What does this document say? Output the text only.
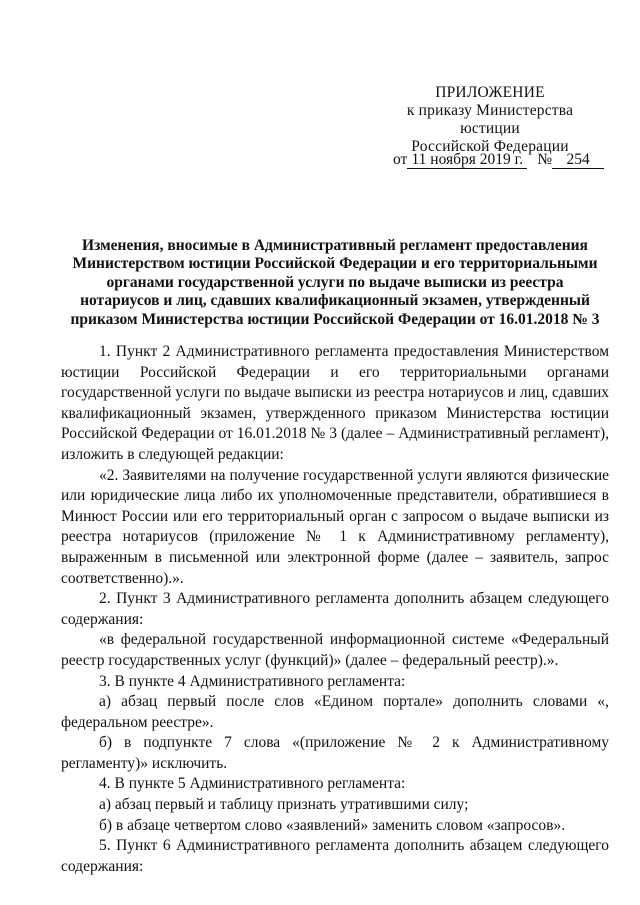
ПРИЛОЖЕНИЕ
к приказу Министерства юстиции
Российской Федерации
от 11 ноября 2019 г. № 254
Изменения, вносимые в Административный регламент предоставления Министерством юстиции Российской Федерации и его территориальными органами государственной услуги по выдаче выписки из реестра нотариусов и лиц, сдавших квалификационный экзамен, утвержденный приказом Министерства юстиции Российской Федерации от 16.01.2018 № 3

1. Пункт 2 Административного регламента предоставления Министерством юстиции Российской Федерации и его территориальными органами государственной услуги по выдаче выписки из реестра нотариусов и лиц, сдавших квалификационный экзамен, утвержденного приказом Министерства юстиции Российской Федерации от 16.01.2018 № 3 (далее – Административный регламент), изложить в следующей редакции:

«2. Заявителями на получение государственной услуги являются физические или юридические лица либо их уполномоченные представители, обратившиеся в Минюст России или его территориальный орган с запросом о выдаче выписки из реестра нотариусов (приложение № 1 к Административному регламенту), выраженным в письменной или электронной форме (далее – заявитель, запрос соответственно).».

2. Пункт 3 Административного регламента дополнить абзацем следующего содержания:

«в федеральной государственной информационной системе «Федеральный реестр государственных услуг (функций)» (далее – федеральный реестр).».

3. В пункте 4 Административного регламента:

а) абзац первый после слов «Едином портале» дополнить словами «, федеральном реестре».

б) в подпункте 7 слова «(приложение № 2 к Административному регламенту)» исключить.

4. В пункте 5 Административного регламента:

а) абзац первый и таблицу признать утратившими силу;

б) в абзаце четвертом слово «заявлений» заменить словом «запросов».

5. Пункт 6 Административного регламента дополнить абзацем следующего содержания:
